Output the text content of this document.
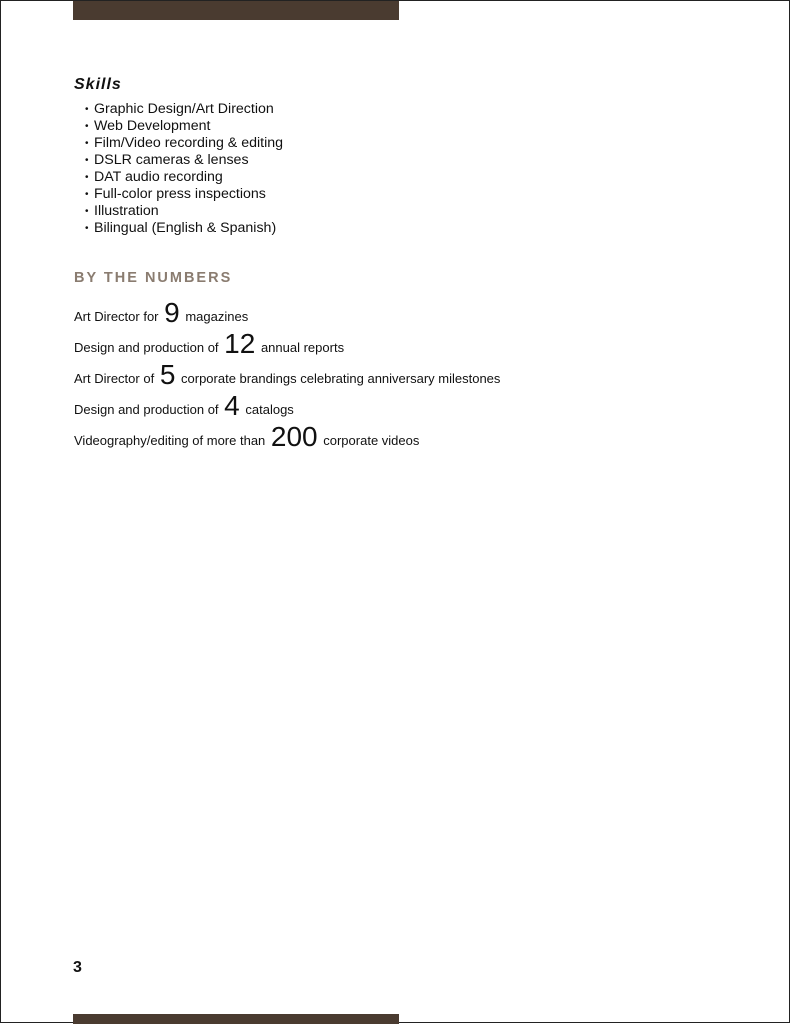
Skills
• Graphic Design/Art Direction
• Web Development
• Film/Video recording & editing
• DSLR cameras & lenses
• DAT audio recording
• Full-color press inspections
• Illustration
• Bilingual (English & Spanish)
BY THE NUMBERS
Art Director for 9 magazines
Design and production of 12 annual reports
Art Director of 5 corporate brandings celebrating anniversary milestones
Design and production of 4 catalogs
Videography/editing of more than 200 corporate videos
3
